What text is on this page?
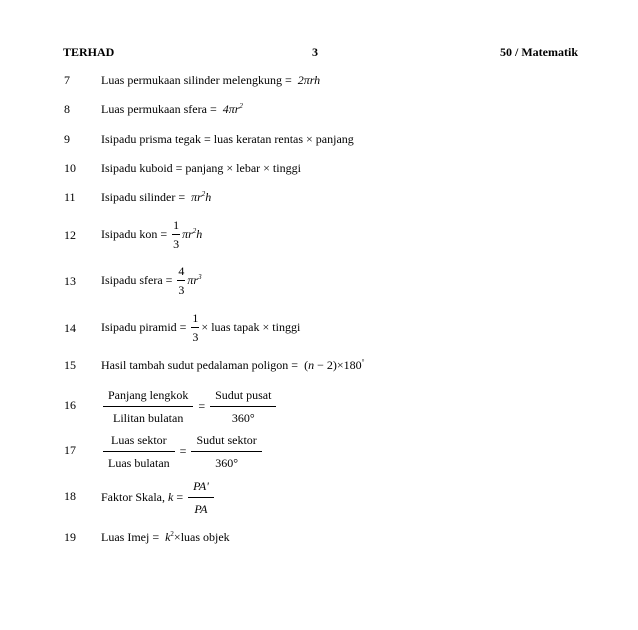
TERHAD	3	50 / Matematik
7	Luas permukaan silinder melengkung =  2πrh
8	Luas permukaan sfera =  $4\pi r^2$
9	Isipadu prisma tegak = luas keratan rentas × panjang
10 Isipadu kuboid = panjang × lebar × tinggi
11 Isipadu silinder =  $\pi r^2h$
12 Isipadu kon = $\frac{1}{3} \pi r^2h$
13 Isipadu sfera = $\frac{4}{3} \pi r^3$
14 Isipadu piramid = $\frac{1}{3}$ × luas tapak × tinggi
15 Hasil tambah sudut pedalaman poligon =  (n − 2)×180°
$16 \frac{\text{Panjang lengkok}}{\text{Lilitan bulatan}} = \frac{\text{Sudut pusat}}{360^\circ}$
$17 \frac{\text{Luas sektor}}{\text{Luas bulatan}} = \frac{\text{Sudut sektor}}{360^\circ}$
18 Faktor Skala, $k = \frac{PA'}{PA}$
19 Luas Imej = $k^2\times luas$ objek
